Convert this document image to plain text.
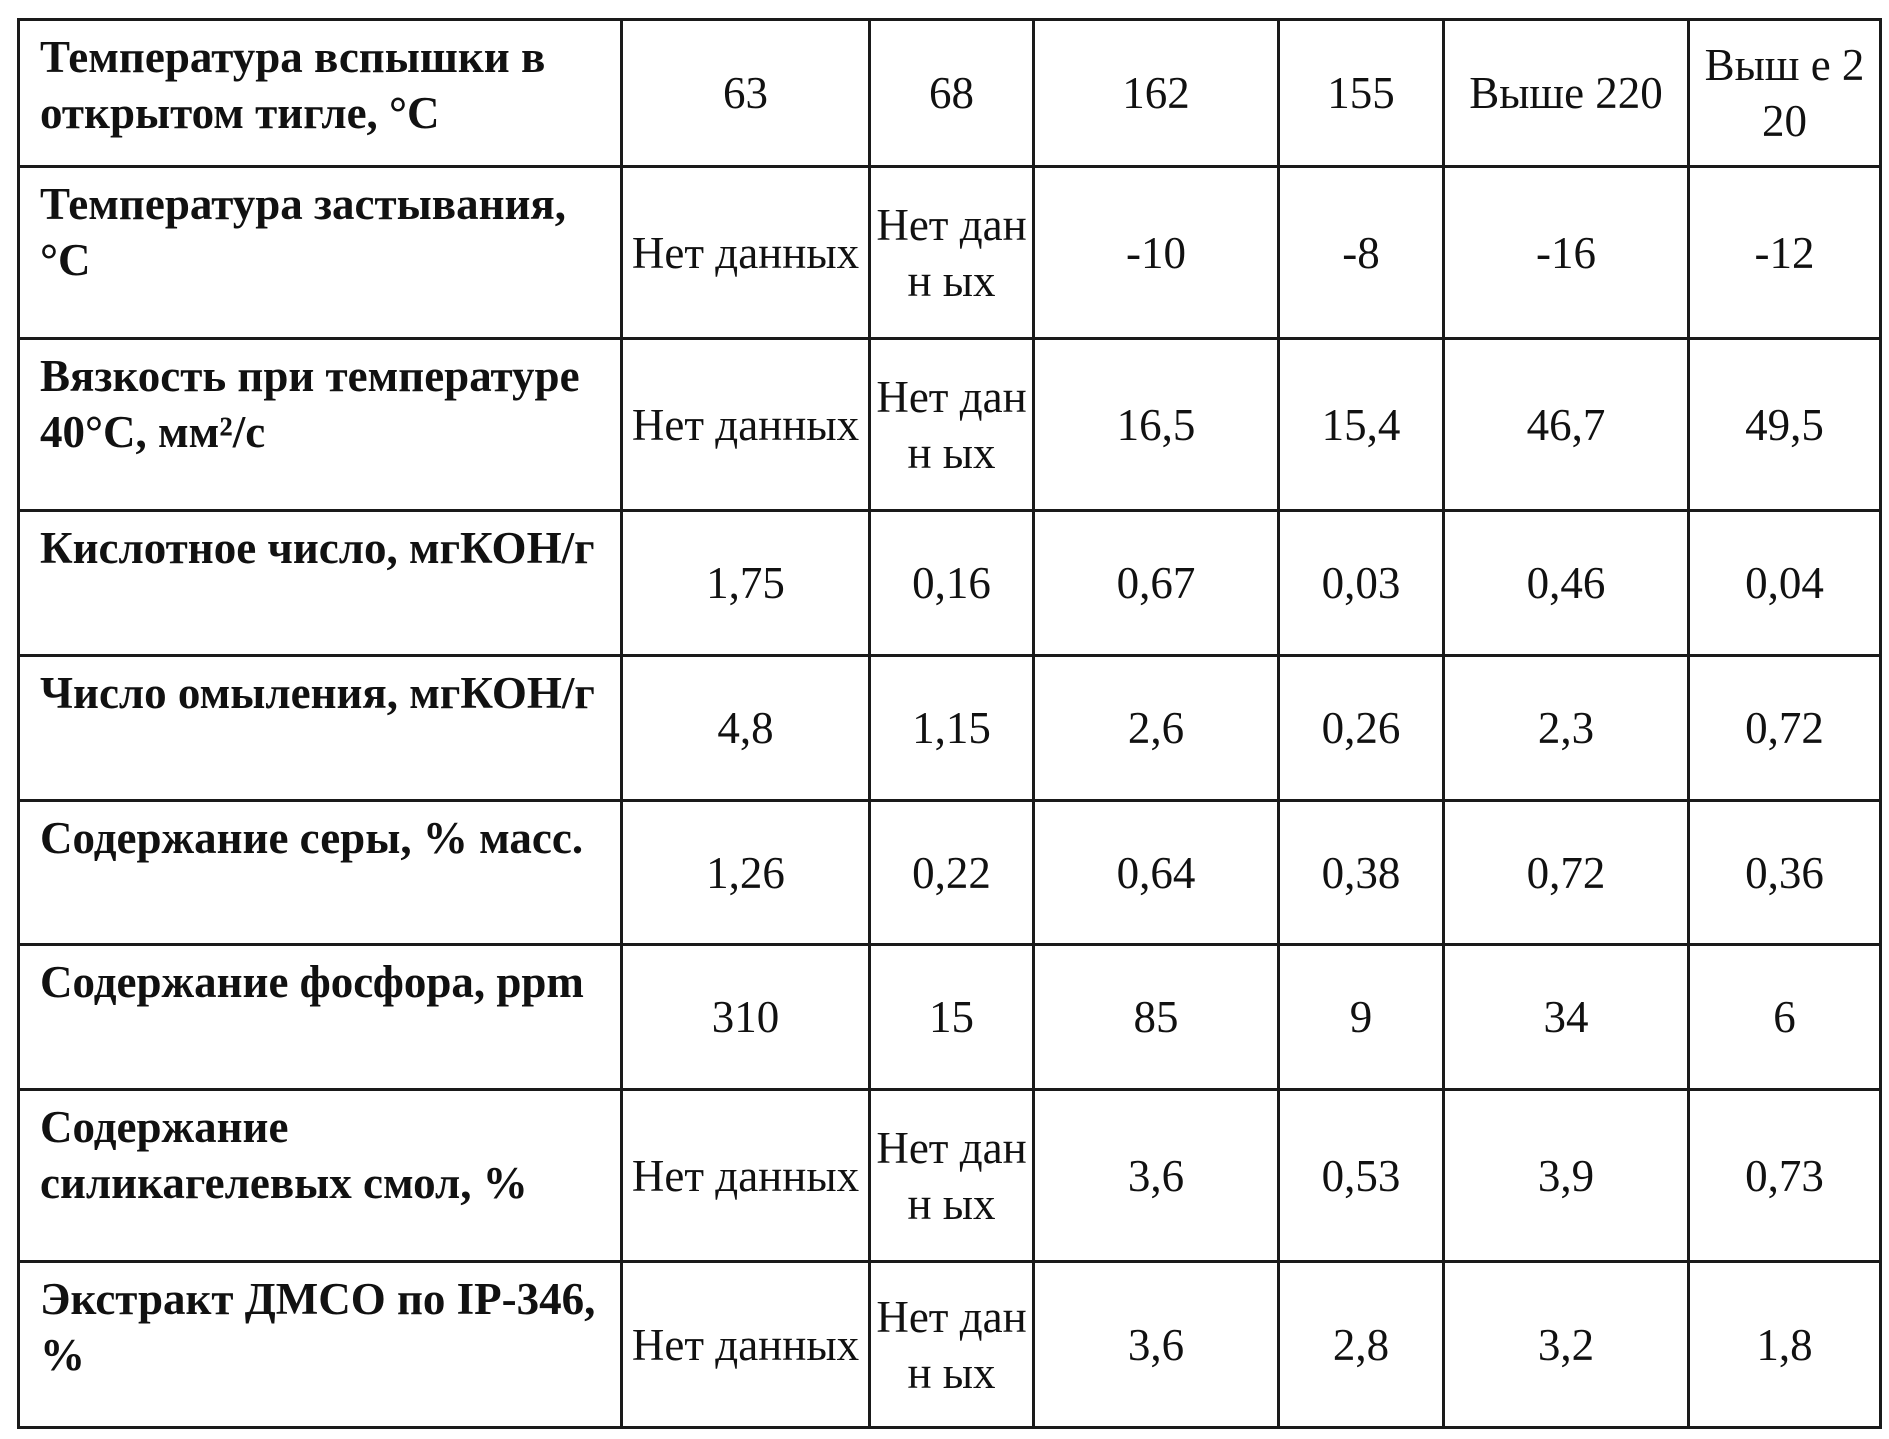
Температура вспышки в открытом тигле, °C	63	68	162	155	Выше 220	Выш е 220
Температура застывания, °C	Нет данных	Нет данн ых	-10	-8	-16	-12
Вязкость при температуре 40°C, мм²/с	Нет данных	Нет данн ых	16,5	15,4	46,7	49,5
Кислотное число, мгКОН/г	1,75	0,16	0,67	0,03	0,46	0,04
Число омыления, мгКОН/г	4,8	1,15	2,6	0,26	2,3	0,72
Содержание серы, % масс.	1,26	0,22	0,64	0,38	0,72	0,36
Содержание фосфора, ppm	310	15	85	9	34	6
Содержание силикагелевых смол, %	Нет данных	Нет данн ых	3,6	0,53	3,9	0,73
Экстракт ДМСО по IP-346, %	Нет данных	Нет данн ых	3,6	2,8	3,2	1,8
